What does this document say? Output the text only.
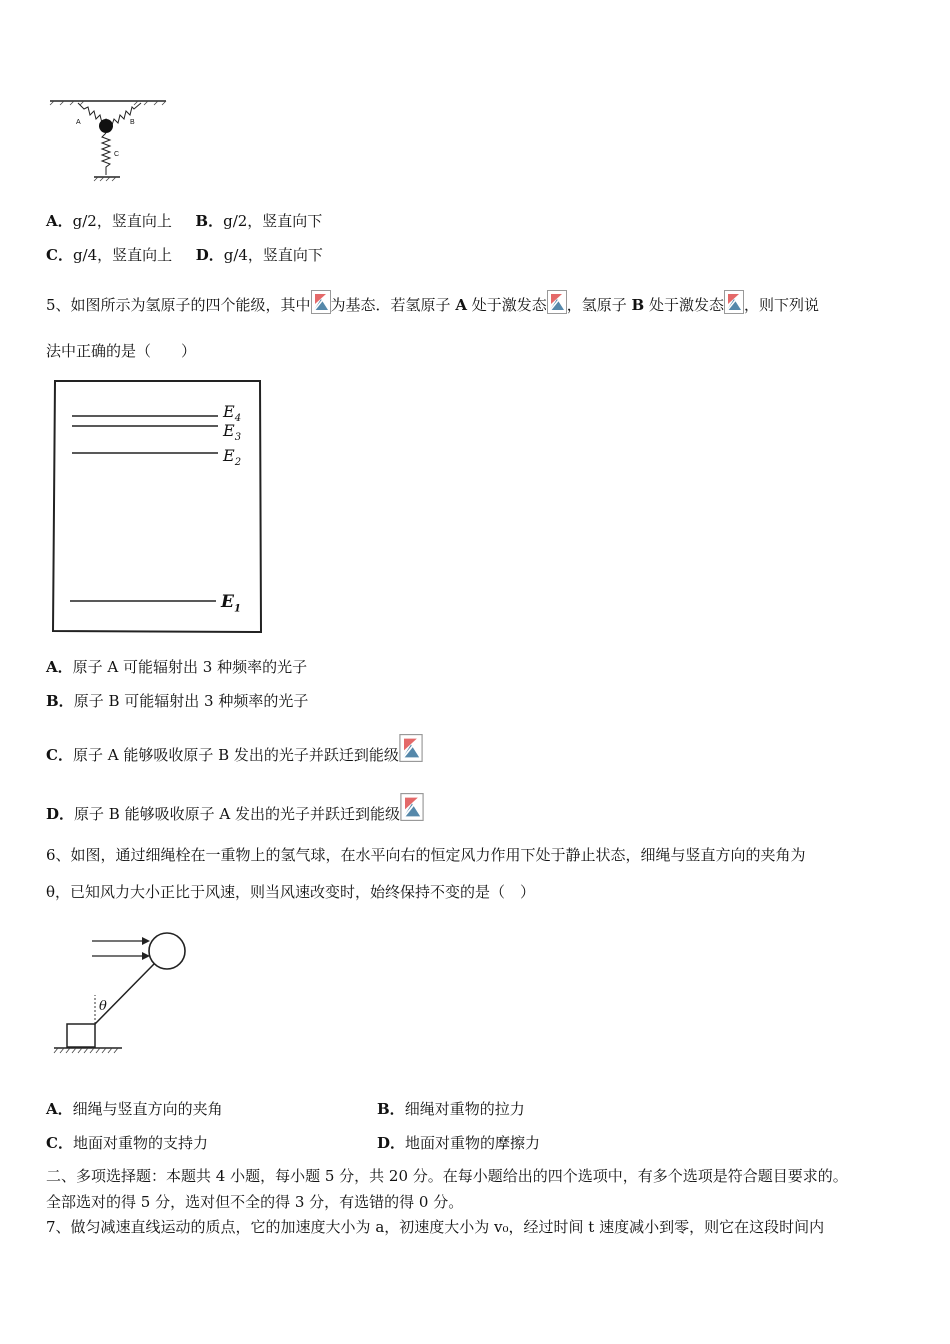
A	B
C
A．g/2，竖直向上 B．g/2，竖直向下
C．g/4，竖直向上 D．g/4，竖直向下
5、如图所示为氢原子的四个能级，其中 为基态．若氢原子 A 处于激发态 ，氢原子 B 处于激发态 ，则下列说
法中正确的是（　　）
$E_4$
$E_3$
$E_2$
$E_1$
A．原子 A 可能辐射出 3 种频率的光子
B．原子 B 可能辐射出 3 种频率的光子
C．原子 A 能够吸收原子 B 发出的光子并跃迁到能级
D．原子 B 能够吸收原子 A 发出的光子并跃迁到能级
6、如图，通过细绳栓在一重物上的氢气球，在水平向右的恒定风力作用下处于静止状态，细绳与竖直方向的夹角为
θ，已知风力大小正比于风速，则当风速改变时，始终保持不变的是（　）
θ
A．细绳与竖直方向的夹角	B．细绳对重物的拉力
C．地面对重物的支持力	D．地面对重物的摩擦力
二、多项选择题：本题共 4 小题，每小题 5 分，共 20 分。在每小题给出的四个选项中，有多个选项是符合题目要求的。
全部选对的得 5 分，选对但不全的得 3 分，有选错的得 0 分。
7、做匀减速直线运动的质点，它的加速度大小为 a，初速度大小为 v₀，经过时间 t 速度减小到零，则它在这段时间内
